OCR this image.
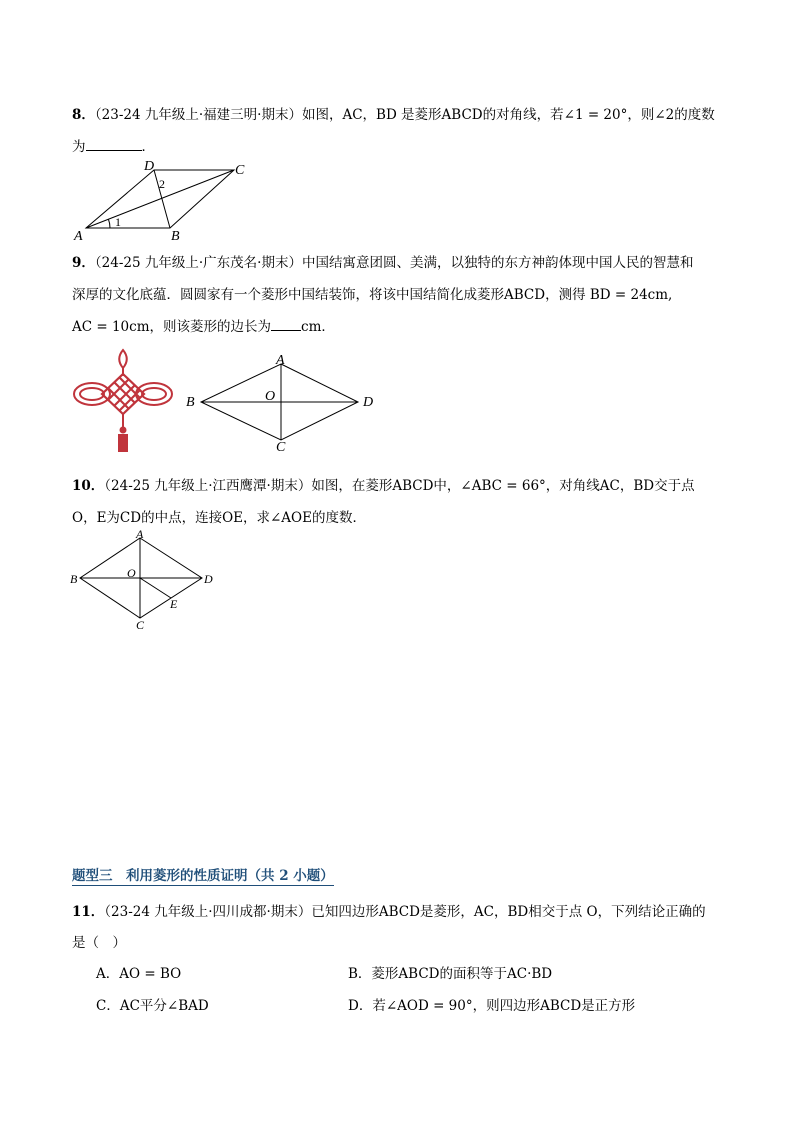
8．（23-24 九年级上·福建三明·期末）如图，AC，BD 是菱形ABCD的对角线，若∠1 = 20°，则∠2的度数
为	．
A	B
C
D
1
2
9．（24-25 九年级上·广东茂名·期末）中国结寓意团圆、美满，以独特的东方神韵体现中国人民的智慧和
深厚的文化底蕴．圆圆家有一个菱形中国结装饰，将该中国结简化成菱形ABCD，测得 BD = 24cm,
AC = 10cm，则该菱形的边长为 cm．
A
B
C
D
O
10．（24-25 九年级上·江西鹰潭·期末）如图，在菱形ABCD中，∠ABC = 66°，对角线AC，BD交于点
O，E为CD的中点，连接OE，求∠AOE的度数．
A
B
C
D
O
E
题型三　利用菱形的性质证明（共 2 小题）
11．（23-24 九年级上·四川成都·期末）已知四边形ABCD是菱形，AC，BD相交于点 O，下列结论正确的
是（　）
A．AO = BO	B．菱形ABCD的面积等于AC·BD
C．AC平分∠BAD	D．若∠AOD = 90°，则四边形ABCD是正方形
